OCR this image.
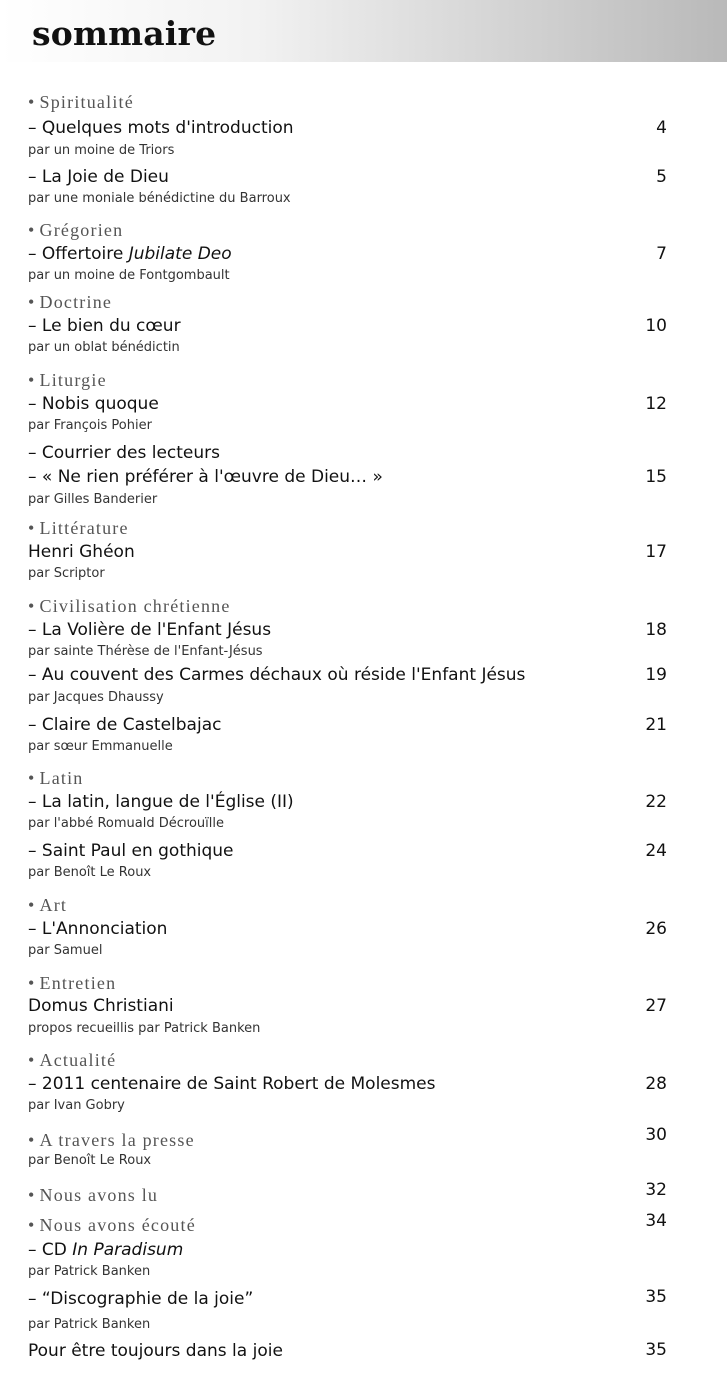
sommaire
• Spiritualité
– Quelques mots d'introduction	4
par un moine de Triors
– La Joie de Dieu	5
par une moniale bénédictine du Barroux
• Grégorien
– Offertoire Jubilate Deo	7
par un moine de Fontgombault
• Doctrine
– Le bien du cœur	10
par un oblat bénédictin
• Liturgie
– Nobis quoque	12
par François Pohier
– Courrier des lecteurs
– « Ne rien préférer à l'œuvre de Dieu… »	15
par Gilles Banderier
• Littérature
Henri Ghéon	17
par Scriptor
• Civilisation chrétienne
– La Volière de l'Enfant Jésus	18
par sainte Thérèse de l'Enfant-Jésus
– Au couvent des Carmes déchaux où réside l'Enfant Jésus	19
par Jacques Dhaussy
– Claire de Castelbajac	21
par sœur Emmanuelle
• Latin
– La latin, langue de l'Église (II)	22
par l'abbé Romuald Décrouïlle
– Saint Paul en gothique	24
par Benoît Le Roux
• Art
– L'Annonciation	26
par Samuel
• Entretien
Domus Christiani	27
propos recueillis par Patrick Banken
• Actualité
– 2011 centenaire de Saint Robert de Molesmes	28
par Ivan Gobry
• A travers la presse	30
par Benoît Le Roux
• Nous avons lu	32
• Nous avons écouté	34
– CD In Paradisum
par Patrick Banken
– “Discographie de la joie”	35
par Patrick Banken
Pour être toujours dans la joie	35
